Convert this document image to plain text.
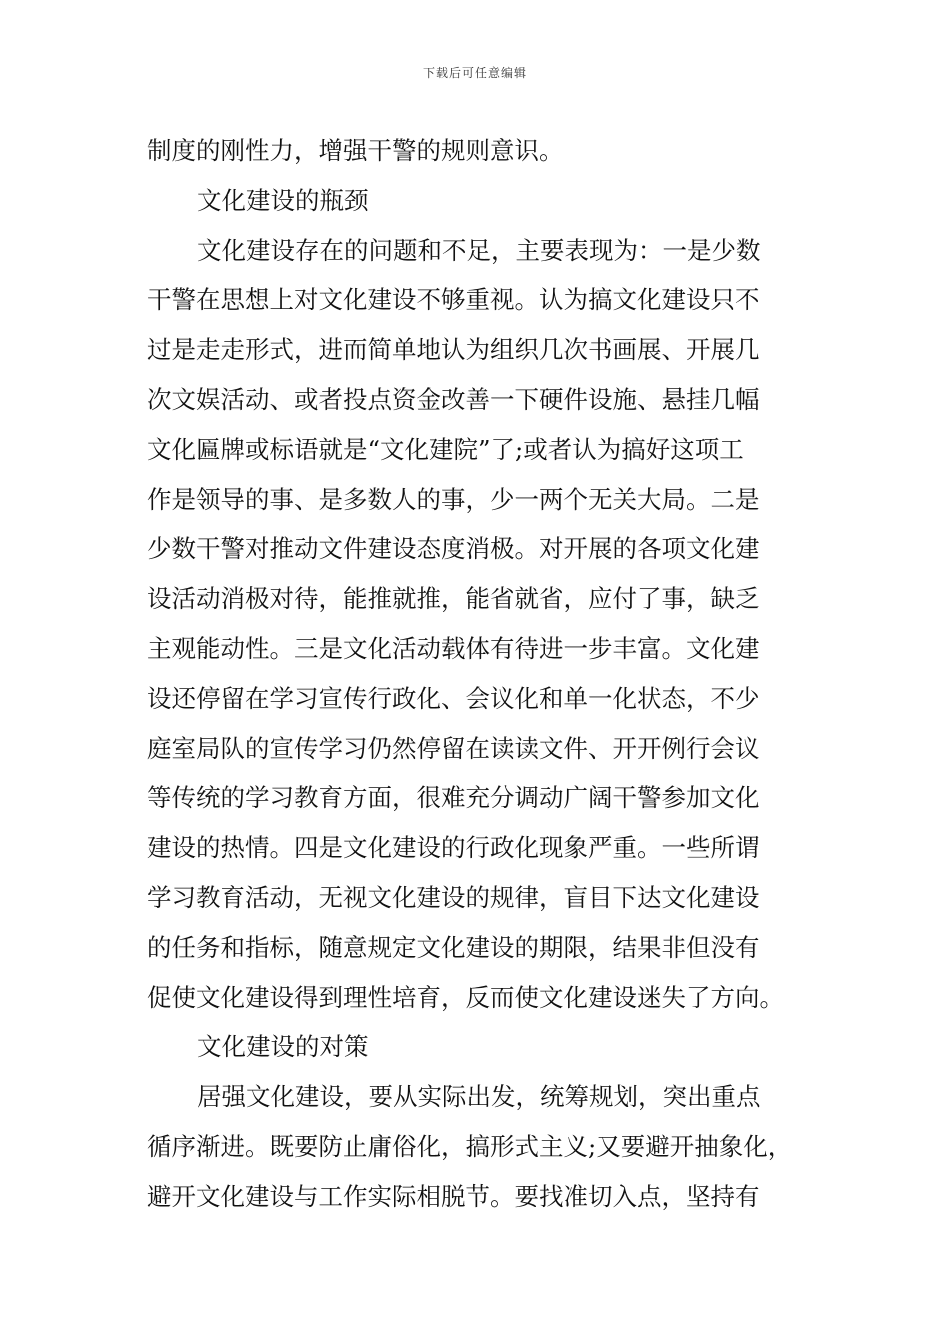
下载后可任意编辑
制度的刚性力，增强干警的规则意识。
文化建设的瓶颈
文化建设存在的问题和不足，主要表现为：一是少数
干警在思想上对文化建设不够重视。认为搞文化建设只不
过是走走形式，进而简单地认为组织几次书画展、开展几
次文娱活动、或者投点资金改善一下硬件设施、悬挂几幅
文化匾牌或标语就是“文化建院”了;或者认为搞好这项工
作是领导的事、是多数人的事，少一两个无关大局。二是
少数干警对推动文件建设态度消极。对开展的各项文化建
设活动消极对待，能推就推，能省就省，应付了事，缺乏
主观能动性。三是文化活动载体有待进一步丰富。文化建
设还停留在学习宣传行政化、会议化和单一化状态，不少
庭室局队的宣传学习仍然停留在读读文件、开开例行会议
等传统的学习教育方面，很难充分调动广阔干警参加文化
建设的热情。四是文化建设的行政化现象严重。一些所谓
学习教育活动，无视文化建设的规律，盲目下达文化建设
的任务和指标，随意规定文化建设的期限，结果非但没有
促使文化建设得到理性培育，反而使文化建设迷失了方向。
文化建设的对策
居强文化建设，要从实际出发，统筹规划，突出重点
循序渐进。既要防止庸俗化，搞形式主义;又要避开抽象化，
避开文化建设与工作实际相脱节。要找准切入点，坚持有
